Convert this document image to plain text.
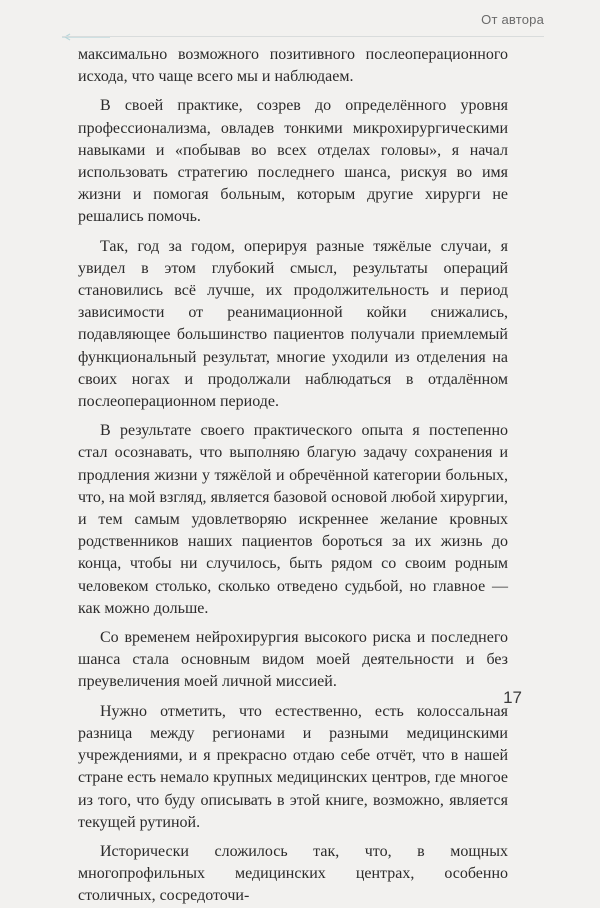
От автора

максимально возможного позитивного послеоперационного исхода, что чаще всего мы и наблюдаем.

В своей практике, созрев до определённого уровня профессионализма, овладев тонкими микрохирургическими навыками и «побывав во всех отделах головы», я начал использовать стратегию последнего шанса, рискуя во имя жизни и помогая больным, которым другие хирурги не решались помочь.

Так, год за годом, оперируя разные тяжёлые случаи, я увидел в этом глубокий смысл, результаты операций становились всё лучше, их продолжительность и период зависимости от реанимационной койки снижались, подавляющее большинство пациентов получали приемлемый функциональный результат, многие уходили из отделения на своих ногах и продолжали наблюдаться в отдалённом послеоперационном периоде.

В результате своего практического опыта я постепенно стал осознавать, что выполняю благую задачу сохранения и продления жизни у тяжёлой и обречённой категории больных, что, на мой взгляд, является базовой основой любой хирургии, и тем самым удовлетворяю искреннее желание кровных родственников наших пациентов бороться за их жизнь до конца, чтобы ни случилось, быть рядом со своим родным человеком столько, сколько отведено судьбой, но главное — как можно дольше.

Со временем нейрохирургия высокого риска и последнего шанса стала основным видом моей деятельности и без преувеличения моей личной миссией.

Нужно отметить, что естественно, есть колоссальная разница между регионами и разными медицинскими учреждениями, и я прекрасно отдаю себе отчёт, что в нашей стране есть немало крупных медицинских центров, где многое из того, что буду описывать в этой книге, возможно, является текущей рутиной.

Исторически сложилось так, что, в мощных многопрофильных медицинских центрах, особенно столичных, сосредоточи-

17
